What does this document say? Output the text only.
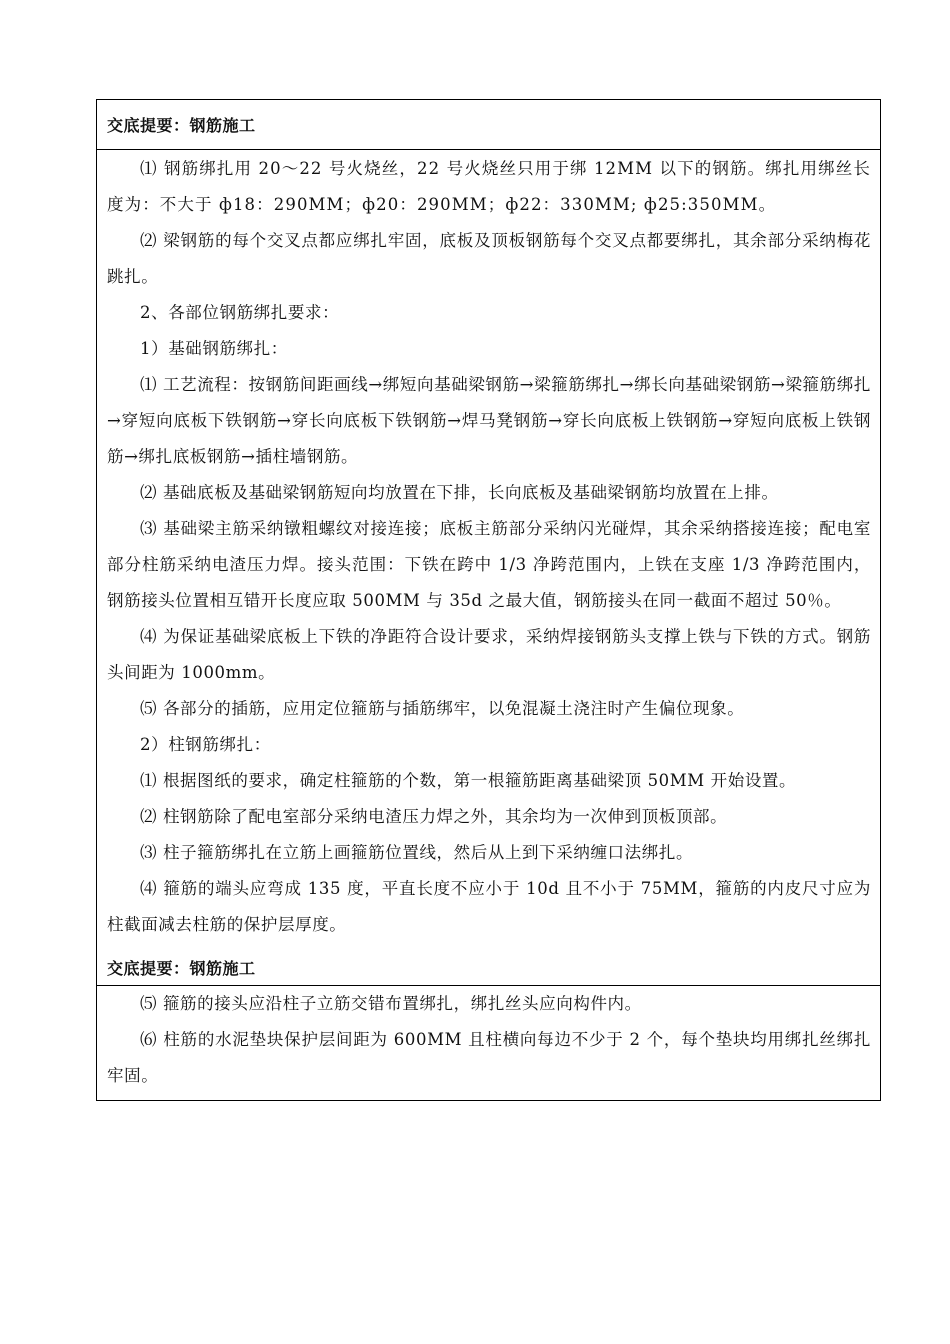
交底提要：钢筋施工

⑴ 钢筋绑扎用 20～22 号火烧丝，22 号火烧丝只用于绑 12MM 以下的钢筋。绑扎用绑丝长度为：不大于 ф18：290MM；ф20：290MM；ф22：330MM; ф25:350MM。

⑵ 梁钢筋的每个交叉点都应绑扎牢固，底板及顶板钢筋每个交叉点都要绑扎，其余部分采纳梅花跳扎。

2、各部位钢筋绑扎要求：

1）基础钢筋绑扎：

⑴ 工艺流程：按钢筋间距画线→绑短向基础梁钢筋→梁箍筋绑扎→绑长向基础梁钢筋→梁箍筋绑扎→穿短向底板下铁钢筋→穿长向底板下铁钢筋→焊马凳钢筋→穿长向底板上铁钢筋→穿短向底板上铁钢筋→绑扎底板钢筋→插柱墙钢筋。

⑵ 基础底板及基础梁钢筋短向均放置在下排，长向底板及基础梁钢筋均放置在上排。

⑶ 基础梁主筋采纳镦粗螺纹对接连接；底板主筋部分采纳闪光碰焊，其余采纳搭接连接；配电室部分柱筋采纳电渣压力焊。接头范围：下铁在跨中 1/3 净跨范围内，上铁在支座 1/3 净跨范围内，钢筋接头位置相互错开长度应取 500MM 与 35d 之最大值，钢筋接头在同一截面不超过 50％。

⑷ 为保证基础梁底板上下铁的净距符合设计要求，采纳焊接钢筋头支撑上铁与下铁的方式。钢筋头间距为 1000mm。

⑸ 各部分的插筋，应用定位箍筋与插筋绑牢，以免混凝土浇注时产生偏位现象。

2）柱钢筋绑扎：

⑴ 根据图纸的要求，确定柱箍筋的个数，第一根箍筋距离基础梁顶 50MM 开始设置。

⑵ 柱钢筋除了配电室部分采纳电渣压力焊之外，其余均为一次伸到顶板顶部。

⑶ 柱子箍筋绑扎在立筋上画箍筋位置线，然后从上到下采纳缠口法绑扎。

⑷ 箍筋的端头应弯成 135 度，平直长度不应小于 10d 且不小于 75MM，箍筋的内皮尺寸应为柱截面减去柱筋的保护层厚度。

交底提要：钢筋施工

⑸ 箍筋的接头应沿柱子立筋交错布置绑扎，绑扎丝头应向构件内。

⑹ 柱筋的水泥垫块保护层间距为 600MM 且柱横向每边不少于 2 个，每个垫块均用绑扎丝绑扎牢固。
